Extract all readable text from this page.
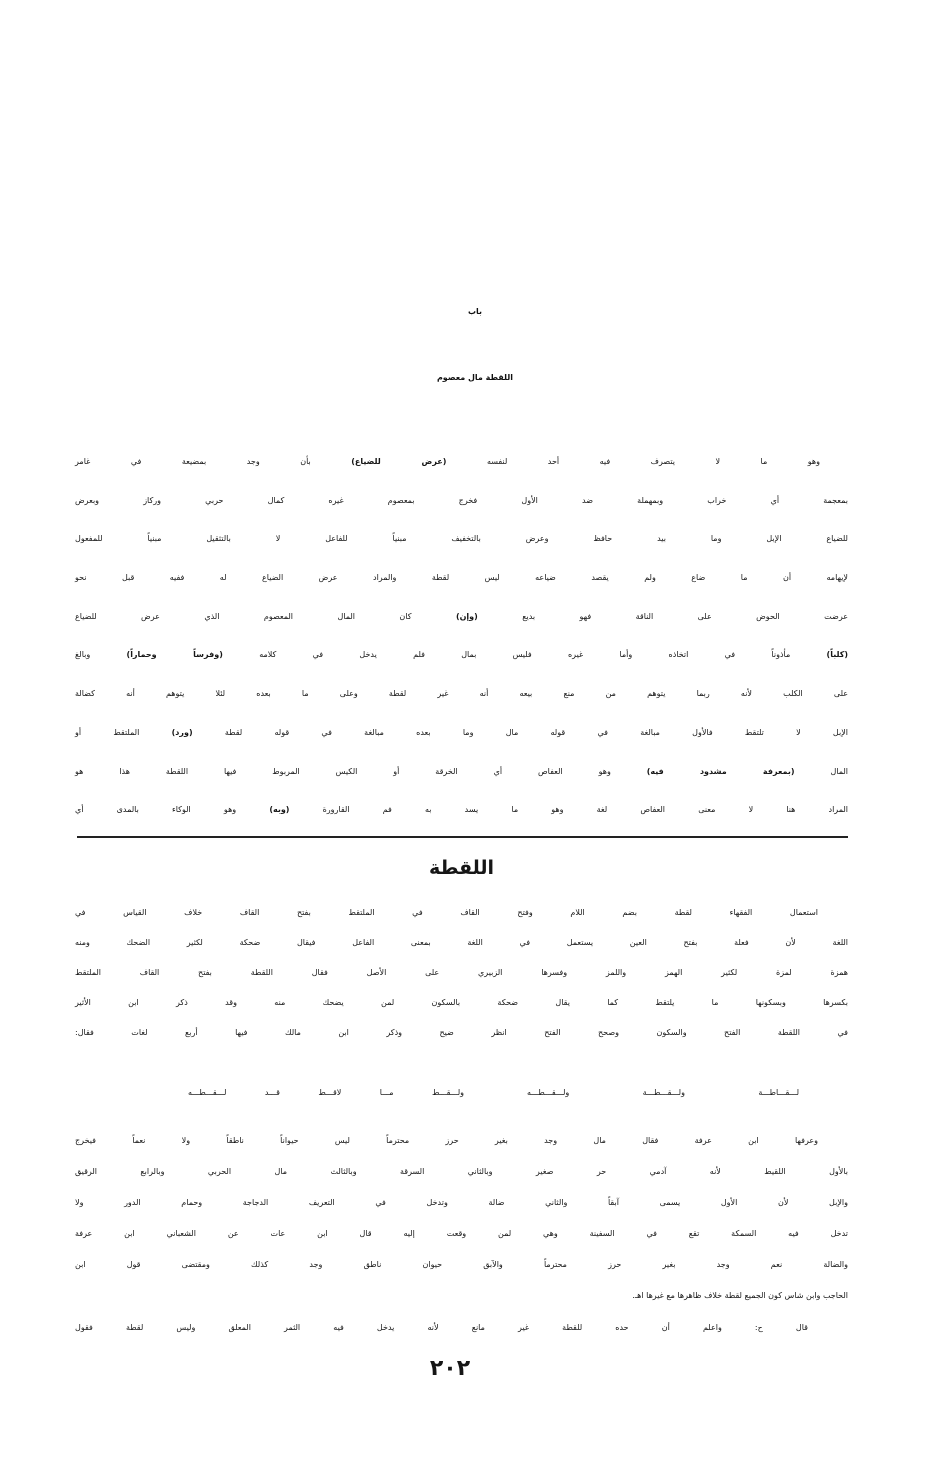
باب
اللقطة مال معصوم
وهو ما لا يتصرف فيه أحد لنفسه (عرض للضياع) بأن وجد بمضيعة في غامر
بمعجمة أي خراب وبمهملة ضد الأول فخرج بمعصوم غيره كمال حربي وركاز وبعرض
للضياع الإبل وما بيد حافظ وعرض بالتخفيف مبنياً للفاعل لا بالتثقيل مبنياً للمفعول
لإيهامه أن ما ضاع ولم يقصد ضياعه ليس لقطة والمراد عرض الضياع له ففيه قبل نحو
عرضت الحوض على الناقة فهو بديع (وإن) كان المال المعصوم الذي عرض للضياع
(كلباً) مأذوناً في اتخاذه وأما غيره فليس بمال فلم يدخل في كلامه (وفرساً وحماراً) وبالغ
على الكلب لأنه ربما يتوهم من منع بيعه أنه غير لقطة وعلى ما بعده لئلا يتوهم أنه كضالة
الإبل لا تلتقط فالأول مبالغة في قوله مال وما بعده مبالغة في قوله لقطة (ورد) الملتقط أو
المال (بمعرفة مشدود فيه) وهو العفاص أي الخرقة أو الكيس المربوط فيها اللقطة هذا هو
المراد هنا لا معنى العفاص لغة وهو ما يسد به فم القارورة (وبه) وهو الوكاء بالمدى أي
اللقطة
استعمال الفقهاء لقطة بضم اللام وفتح القاف في الملتقط بفتح القاف خلاف القياس في
اللغة لأن فعلة بفتح العين يستعمل في اللغة بمعنى الفاعل فيقال ضحكة لكثير الضحك ومنه
همزة لمزة لكثير الهمز واللمز وفسرها الزبيري على الأصل فقال اللقطة بفتح القاف الملتقط
بكسرها وبسكونها ما يلتقط كما يقال ضحكة بالسكون لمن يضحك منه وقد ذكر ابن الأثير
في اللقطة الفتح والسكون وصحح الفتح انظر ضيح وذكر ابن مالك فيها أربع لغات فقال:
لـــقـــاطـــة ولـــقـــطـــة ولـــقـــطـــه
ولـــقـــط مـــا لاقـــط قـــد لـــقـــطـــه
وعرفها ابن عرفة فقال مال وجد بغير حرز محترماً ليس حيواناً ناطقاً ولا نعماً فيخرج
بالأول اللقيط لأنه آدمي حر صغير وبالثاني السرقة وبالثالث مال الحربي وبالرابع الرقيق
والإبل لأن الأول يسمى آبقاً والثاني ضالة وتدخل في التعريف الدجاجة وحمام الدور ولا
تدخل فيه السمكة تقع في السفينة وهي لمن وقعت إليه قال ابن عات عن الشعباني ابن عرفة
والضالة نعم وجد بغير حرز محترماً والآبق حيوان ناطق وجد كذلك ومقتضى قول ابن
الحاجب وابن شاس كون الجميع لقطة خلاف ظاهرها مع غيرها اهـ.
قال ح: واعلم أن حده للقطة غير مانع لأنه يدخل فيه الثمر المعلق وليس لقطة فقول
٢٠٢
